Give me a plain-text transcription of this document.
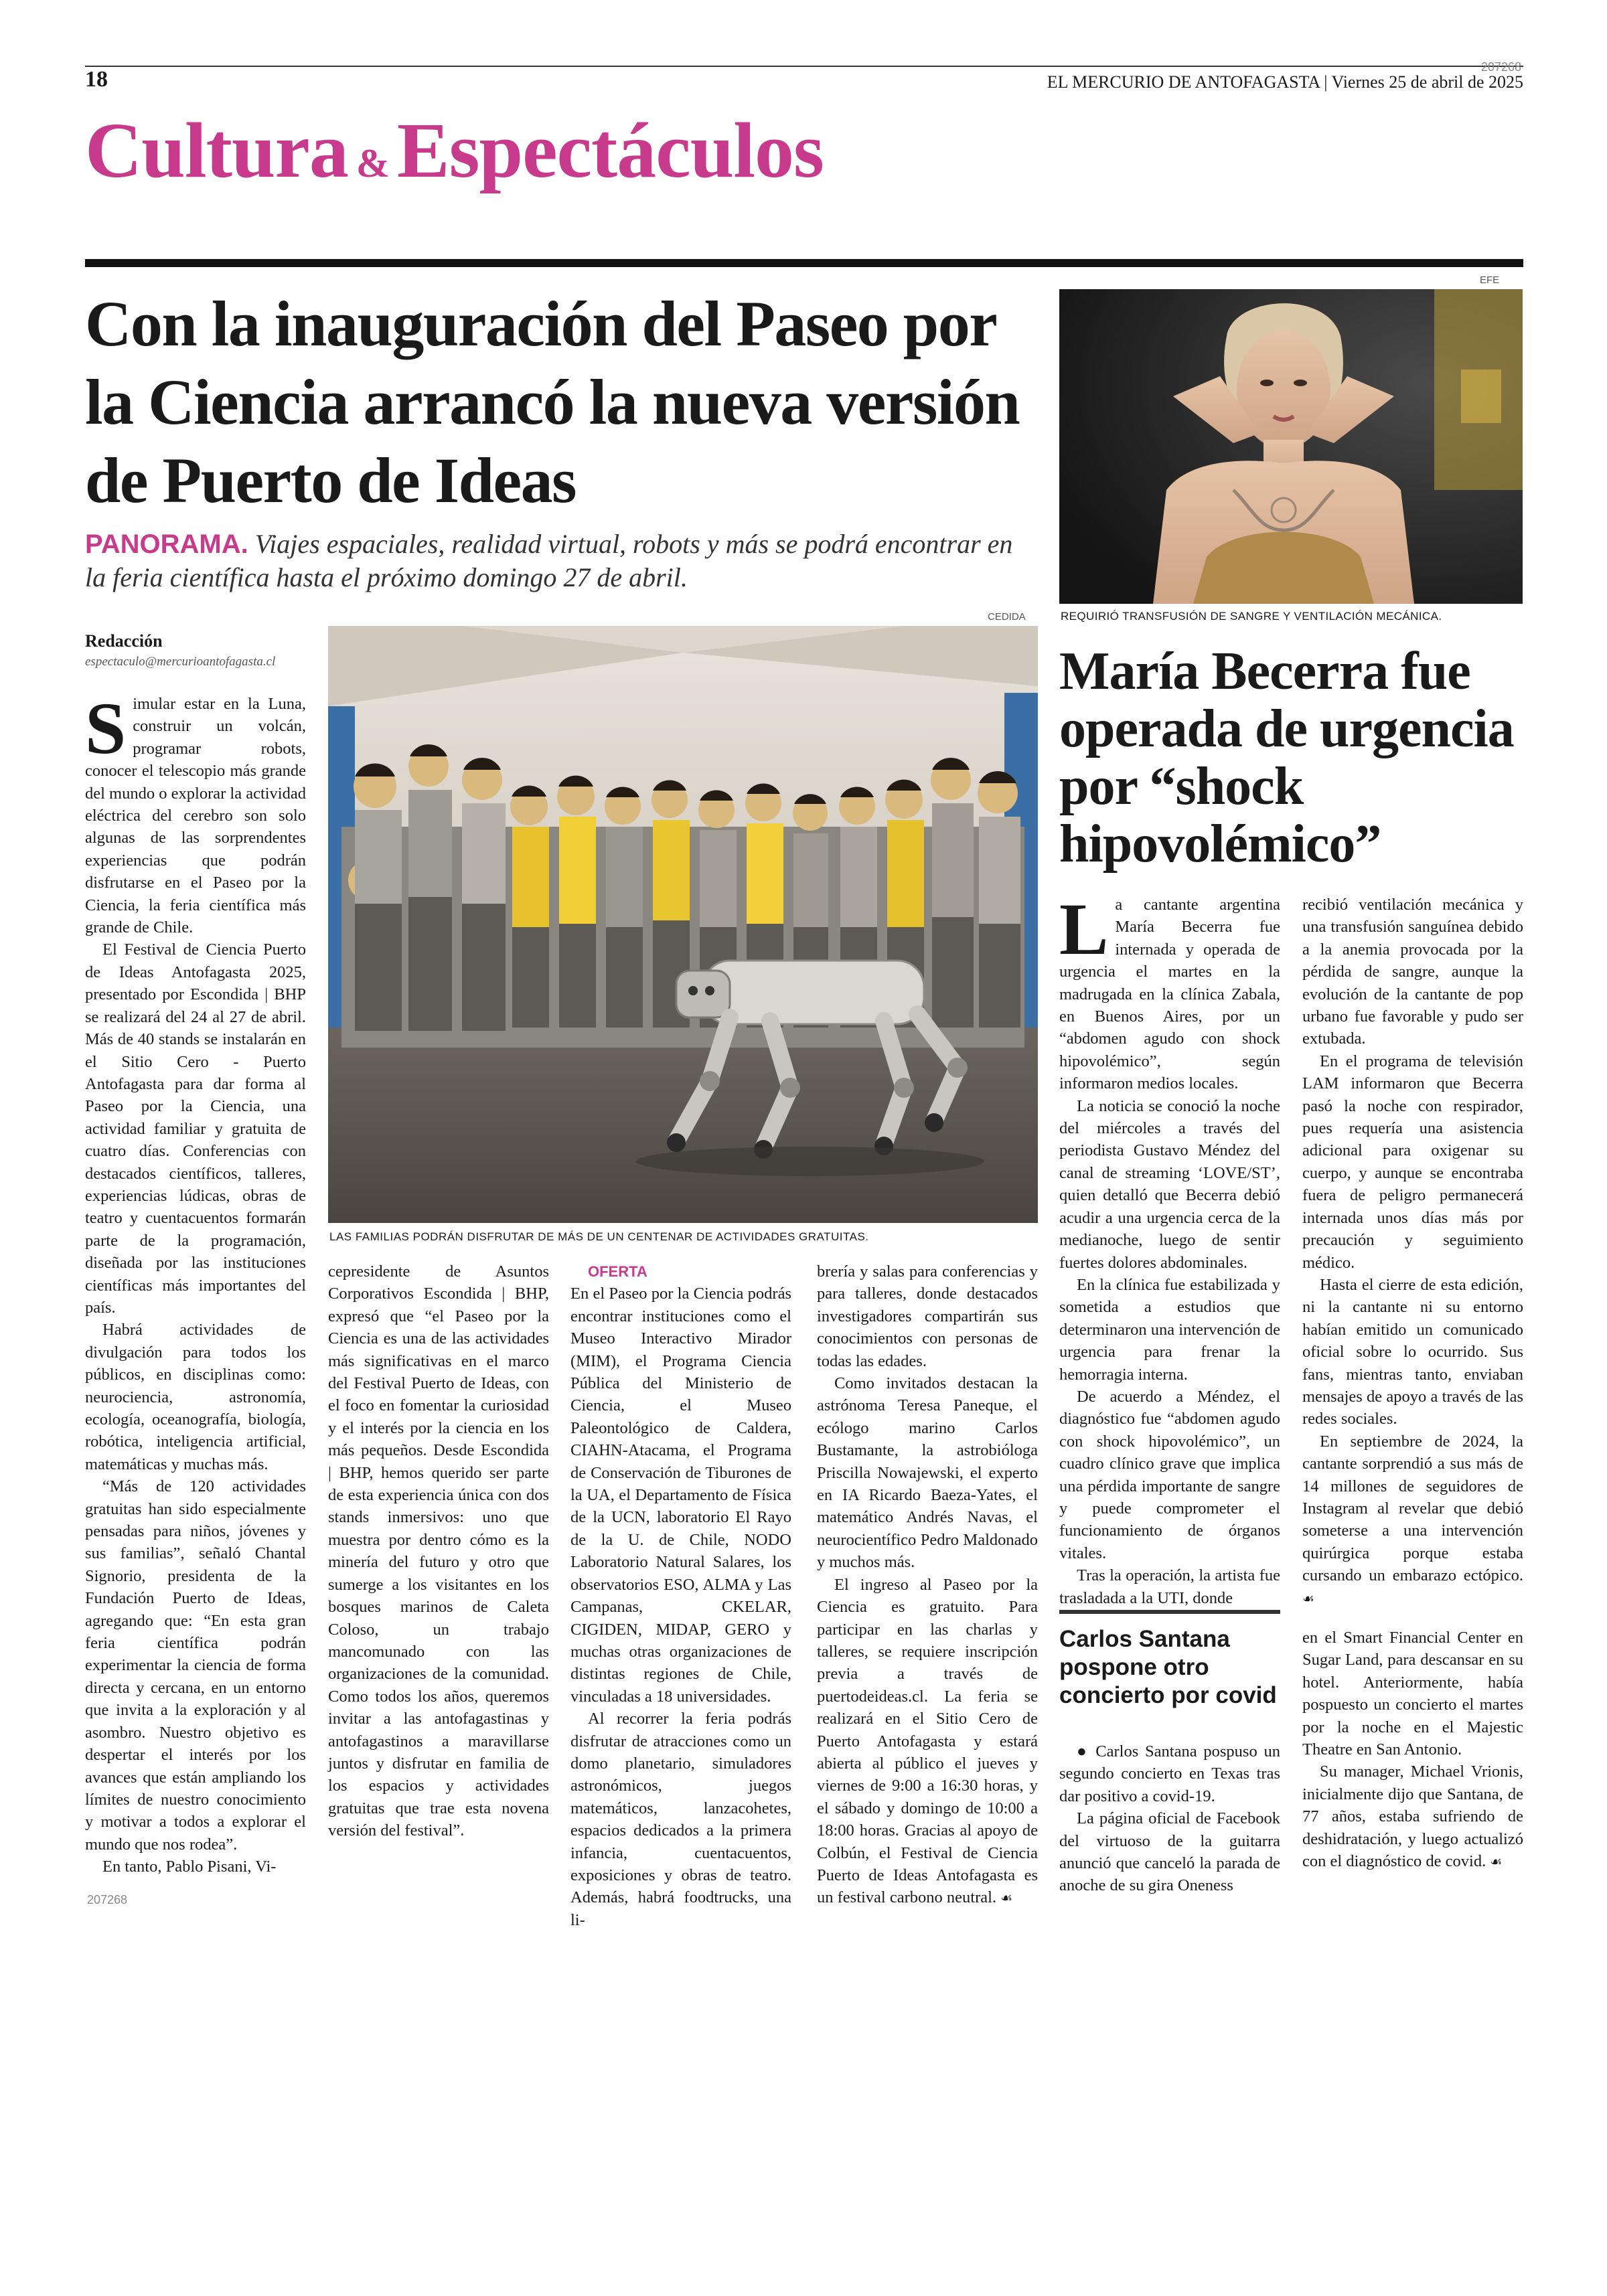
18	207268
EL MERCURIO DE ANTOFAGASTA | Viernes 25 de abril de 2025
Cultura & Espectáculos
Con la inauguración del Paseo por la Ciencia arrancó la nueva versión de Puerto de Ideas
PANORAMA. Viajes espaciales, realidad virtual, robots y más se podrá encontrar en la feria científica hasta el próximo domingo 27 de abril.
Redacción
espectaculo@mercurioantofagasta.cl
CEDIDA
LAS FAMILIAS PODRÁN DISFRUTAR DE MÁS DE UN CENTENAR DE ACTIVIDADES GRATUITAS.

Simular estar en la Luna, construir un volcán, programar robots, conocer el telescopio más grande del mundo o explorar la actividad eléctrica del cerebro son solo algunas de las sorprendentes experiencias que podrán disfrutarse en el Paseo por la Ciencia, la feria científica más grande de Chile.

El Festival de Ciencia Puerto de Ideas Antofagasta 2025, presentado por Escondida | BHP se realizará del 24 al 27 de abril. Más de 40 stands se instalarán en el Sitio Cero - Puerto Antofagasta para dar forma al Paseo por la Ciencia, una actividad familiar y gratuita de cuatro días. Conferencias con destacados científicos, talleres, experiencias lúdicas, obras de teatro y cuentacuentos formarán parte de la programación, diseñada por las instituciones científicas más importantes del país.

Habrá actividades de divulgación para todos los públicos, en disciplinas como: neurociencia, astronomía, ecología, oceanografía, biología, robótica, inteligencia artificial, matemáticas y muchas más.

“Más de 120 actividades gratuitas han sido especialmente pensadas para niños, jóvenes y sus familias”, señaló Chantal Signorio, presidenta de la Fundación Puerto de Ideas, agregando que: “En esta gran feria científica podrán experimentar la ciencia de forma directa y cercana, en un entorno que invita a la exploración y al asombro. Nuestro objetivo es despertar el interés por los avances que están ampliando los límites de nuestro conocimiento y motivar a todos a explorar el mundo que nos rodea”.

En tanto, Pablo Pisani, Vi-

207268

cepresidente de Asuntos Corporativos Escondida | BHP, expresó que “el Paseo por la Ciencia es una de las actividades más significativas en el marco del Festival Puerto de Ideas, con el foco en fomentar la curiosidad y el interés por la ciencia en los más pequeños. Desde Escondida | BHP, hemos querido ser parte de esta experiencia única con dos stands inmersivos: uno que muestra por dentro cómo es la minería del futuro y otro que sumerge a los visitantes en los bosques marinos de Caleta Coloso, un trabajo mancomunado con las organizaciones de la comunidad. Como todos los años, queremos invitar a las antofagastinas y antofagastinos a maravillarse juntos y disfrutar en familia de los espacios y actividades gratuitas que trae esta novena versión del festival”.

OFERTA

En el Paseo por la Ciencia podrás encontrar instituciones como el Museo Interactivo Mirador (MIM), el Programa Ciencia Pública del Ministerio de Ciencia, el Museo Paleontológico de Caldera, CIAHN-Atacama, el Programa de Conservación de Tiburones de la UA, el Departamento de Física de la UCN, laboratorio El Rayo de la U. de Chile, NODO Laboratorio Natural Salares, los observatorios ESO, ALMA y Las Campanas, CKELAR, CIGIDEN, MIDAP, GERO y muchas otras organizaciones de distintas regiones de Chile, vinculadas a 18 universidades.

Al recorrer la feria podrás disfrutar de atracciones como un domo planetario, simuladores astronómicos, juegos matemáticos, lanzacohetes, espacios dedicados a la primera infancia, cuentacuentos, exposiciones y obras de teatro. Además, habrá foodtrucks, una li-

brería y salas para conferencias y para talleres, donde destacados investigadores compartirán sus conocimientos con personas de todas las edades.

Como invitados destacan la astrónoma Teresa Paneque, el ecólogo marino Carlos Bustamante, la astrobióloga Priscilla Nowajewski, el experto en IA Ricardo Baeza-Yates, el matemático Andrés Navas, el neurocientífico Pedro Maldonado y muchos más.

El ingreso al Paseo por la Ciencia es gratuito. Para participar en las charlas y talleres, se requiere inscripción previa a través de puertodeideas.cl. La feria se realizará en el Sitio Cero de Puerto Antofagasta y estará abierta al público el jueves y viernes de 9:00 a 16:30 horas, y el sábado y domingo de 10:00 a 18:00 horas. Gracias al apoyo de Colbún, el Festival de Ciencia Puerto de Ideas Antofagasta es un festival carbono neutral. ☙

EFE
REQUIRIÓ TRANSFUSIÓN DE SANGRE Y VENTILACIÓN MECÁNICA.
María Becerra fue operada de urgencia por “shock hipovolémico”

La cantante argentina María Becerra fue internada y operada de urgencia el martes en la madrugada en la clínica Zabala, en Buenos Aires, por un “abdomen agudo con shock hipovolémico”, según informaron medios locales.

La noticia se conoció la noche del miércoles a través del periodista Gustavo Méndez del canal de streaming ‘LOVE/ST’, quien detalló que Becerra debió acudir a una urgencia cerca de la medianoche, luego de sentir fuertes dolores abdominales.

En la clínica fue estabilizada y sometida a estudios que determinaron una intervención de urgencia para frenar la hemorragia interna.

De acuerdo a Méndez, el diagnóstico fue “abdomen agudo con shock hipovolémico”, un cuadro clínico grave que implica una pérdida importante de sangre y puede comprometer el funcionamiento de órganos vitales.

Tras la operación, la artista fue trasladada a la UTI, donde

recibió ventilación mecánica y una transfusión sanguínea debido a la anemia provocada por la pérdida de sangre, aunque la evolución de la cantante de pop urbano fue favorable y pudo ser extubada.

En el programa de televisión LAM informaron que Becerra pasó la noche con respirador, pues requería una asistencia adicional para oxigenar su cuerpo, y aunque se encontraba fuera de peligro permanecerá internada unos días más por precaución y seguimiento médico.

Hasta el cierre de esta edición, ni la cantante ni su entorno habían emitido un comunicado oficial sobre lo ocurrido. Sus fans, mientras tanto, enviaban mensajes de apoyo a través de las redes sociales.

En septiembre de 2024, la cantante sorprendió a sus más de 14 millones de seguidores de Instagram al revelar que debió someterse a una intervención quirúrgica porque estaba cursando un embarazo ectópico. ☙

Carlos Santana pospone otro concierto por covid

● Carlos Santana pospuso un segundo concierto en Texas tras dar positivo a covid-19.

La página oficial de Facebook del virtuoso de la guitarra anunció que canceló la parada de anoche de su gira Oneness

en el Smart Financial Center en Sugar Land, para descansar en su hotel. Anteriormente, había pospuesto un concierto el martes por la noche en el Majestic Theatre en San Antonio.

Su manager, Michael Vrionis, inicialmente dijo que Santana, de 77 años, estaba sufriendo de deshidratación, y luego actualizó con el diagnóstico de covid. ☙
